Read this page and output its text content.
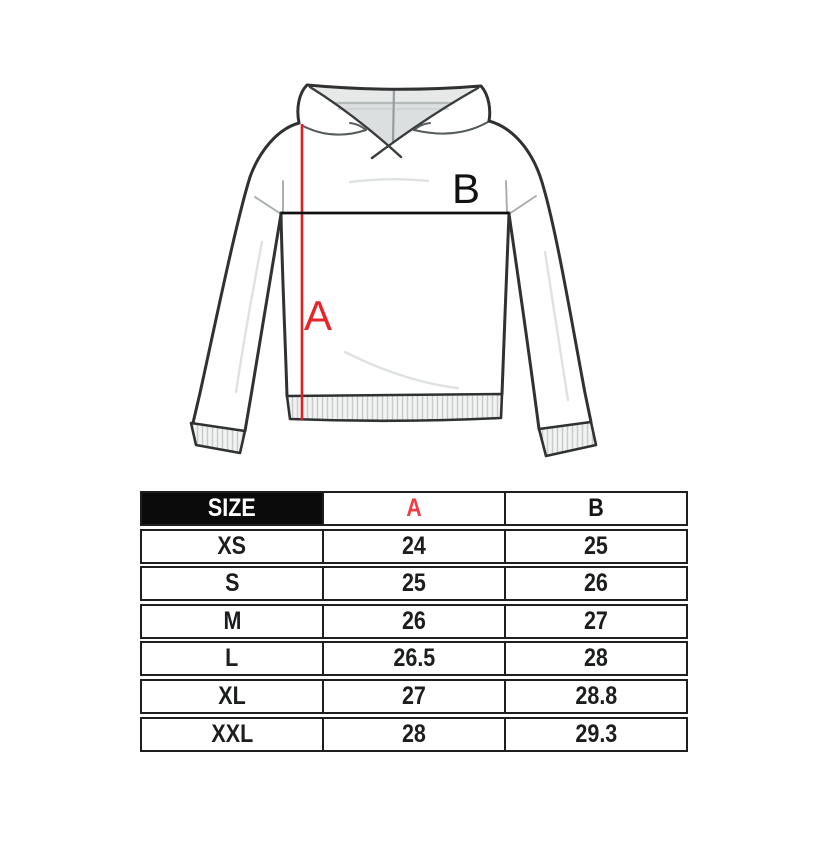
B
A
SIZE	A	B
XS	24	25
S	25	26
M	26	27
L	26.5	28
XL	27	28.8
XXL	28	29.3
